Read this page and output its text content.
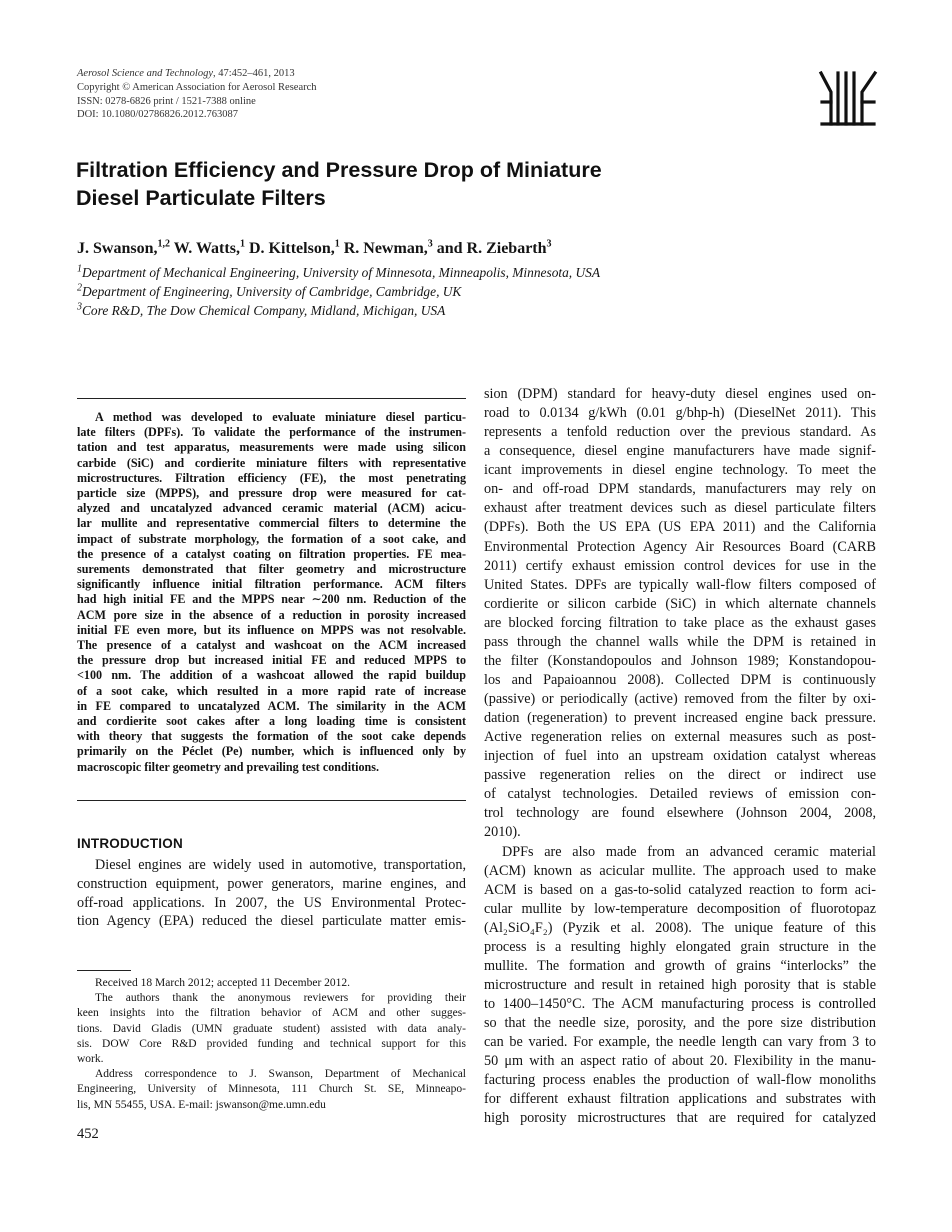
Aerosol Science and Technology, 47:452–461, 2013
Copyright © American Association for Aerosol Research
ISSN: 0278-6826 print / 1521-7388 online
DOI: 10.1080/02786826.2012.763087
Filtration Efficiency and Pressure Drop of Miniature
Diesel Particulate Filters
J. Swanson,$^{1,2}$ W. Watts,$^1$ D. Kittelson,$^1$ R. Newman,$^3$ and R. Ziebarth$^3$
$^1$Department of Mechanical Engineering, University of Minnesota, Minneapolis, Minnesota, USA
$^2$Department of Engineering, University of Cambridge, Cambridge, UK
$^3$Core R&D, The Dow Chemical Company, Midland, Michigan, USA
A method was developed to evaluate miniature diesel particu-
late filters (DPFs). To validate the performance of the instrumen-
tation and test apparatus, measurements were made using silicon
carbide (SiC) and cordierite miniature filters with representative
microstructures. Filtration efficiency (FE), the most penetrating
particle size (MPPS), and pressure drop were measured for cat-
alyzed and uncatalyzed advanced ceramic material (ACM) acicu-
lar mullite and representative commercial filters to determine the
impact of substrate morphology, the formation of a soot cake, and
the presence of a catalyst coating on filtration properties. FE mea-
surements demonstrated that filter geometry and microstructure
significantly influence initial filtration performance. ACM filters
had high initial FE and the MPPS near ∼200 nm. Reduction of the
ACM pore size in the absence of a reduction in porosity increased
initial FE even more, but its influence on MPPS was not resolvable.
The presence of a catalyst and washcoat on the ACM increased
the pressure drop but increased initial FE and reduced MPPS to
<100 nm. The addition of a washcoat allowed the rapid buildup
of a soot cake, which resulted in a more rapid rate of increase
in FE compared to uncatalyzed ACM. The similarity in the ACM
and cordierite soot cakes after a long loading time is consistent
with theory that suggests the formation of the soot cake depends
primarily on the Péclet (Pe) number, which is influenced only by
macroscopic filter geometry and prevailing test conditions.
INTRODUCTION
Diesel engines are widely used in automotive, transportation,
construction equipment, power generators, marine engines, and
off-road applications. In 2007, the US Environmental Protec-
tion Agency (EPA) reduced the diesel particulate matter emis-
Received 18 March 2012; accepted 11 December 2012.
The authors thank the anonymous reviewers for providing their
keen insights into the filtration behavior of ACM and other sugges-
tions. David Gladis (UMN graduate student) assisted with data analy-
sis. DOW Core R&D provided funding and technical support for this
work.
Address correspondence to J. Swanson, Department of Mechanical
Engineering, University of Minnesota, 111 Church St. SE, Minneapo-
lis, MN 55455, USA. E-mail: jswanson@me.umn.edu
452
sion (DPM) standard for heavy-duty diesel engines used on-
road to 0.0134 g/kWh (0.01 g/bhp-h) (DieselNet 2011). This
represents a tenfold reduction over the previous standard. As
a consequence, diesel engine manufacturers have made signif-
icant improvements in diesel engine technology. To meet the
on- and off-road DPM standards, manufacturers may rely on
exhaust after treatment devices such as diesel particulate filters
(DPFs). Both the US EPA (US EPA 2011) and the California
Environmental Protection Agency Air Resources Board (CARB
2011) certify exhaust emission control devices for use in the
United States. DPFs are typically wall-flow filters composed of
cordierite or silicon carbide (SiC) in which alternate channels
are blocked forcing filtration to take place as the exhaust gases
pass through the channel walls while the DPM is retained in
the filter (Konstandopoulos and Johnson 1989; Konstandopou-
los and Papaioannou 2008). Collected DPM is continuously
(passive) or periodically (active) removed from the filter by oxi-
dation (regeneration) to prevent increased engine back pressure.
Active regeneration relies on external measures such as post-
injection of fuel into an upstream oxidation catalyst whereas
passive regeneration relies on the direct or indirect use
of catalyst technologies. Detailed reviews of emission con-
trol technology are found elsewhere (Johnson 2004, 2008,
2010).
DPFs are also made from an advanced ceramic material
(ACM) known as acicular mullite. The approach used to make
ACM is based on a gas-to-solid catalyzed reaction to form aci-
cular mullite by low-temperature decomposition of fluorotopaz
(Al₂SiO₄F₂) (Pyzik et al. 2008). The unique feature of this
process is a resulting highly elongated grain structure in the
mullite. The formation and growth of grains “interlocks” the
microstructure and result in retained high porosity that is stable
to 1400–1450°C. The ACM manufacturing process is controlled
so that the needle size, porosity, and the pore size distribution
can be varied. For example, the needle length can vary from 3 to
50 μm with an aspect ratio of about 20. Flexibility in the manu-
facturing process enables the production of wall-flow monoliths
for different exhaust filtration applications and substrates with
high porosity microstructures that are required for catalyzed
